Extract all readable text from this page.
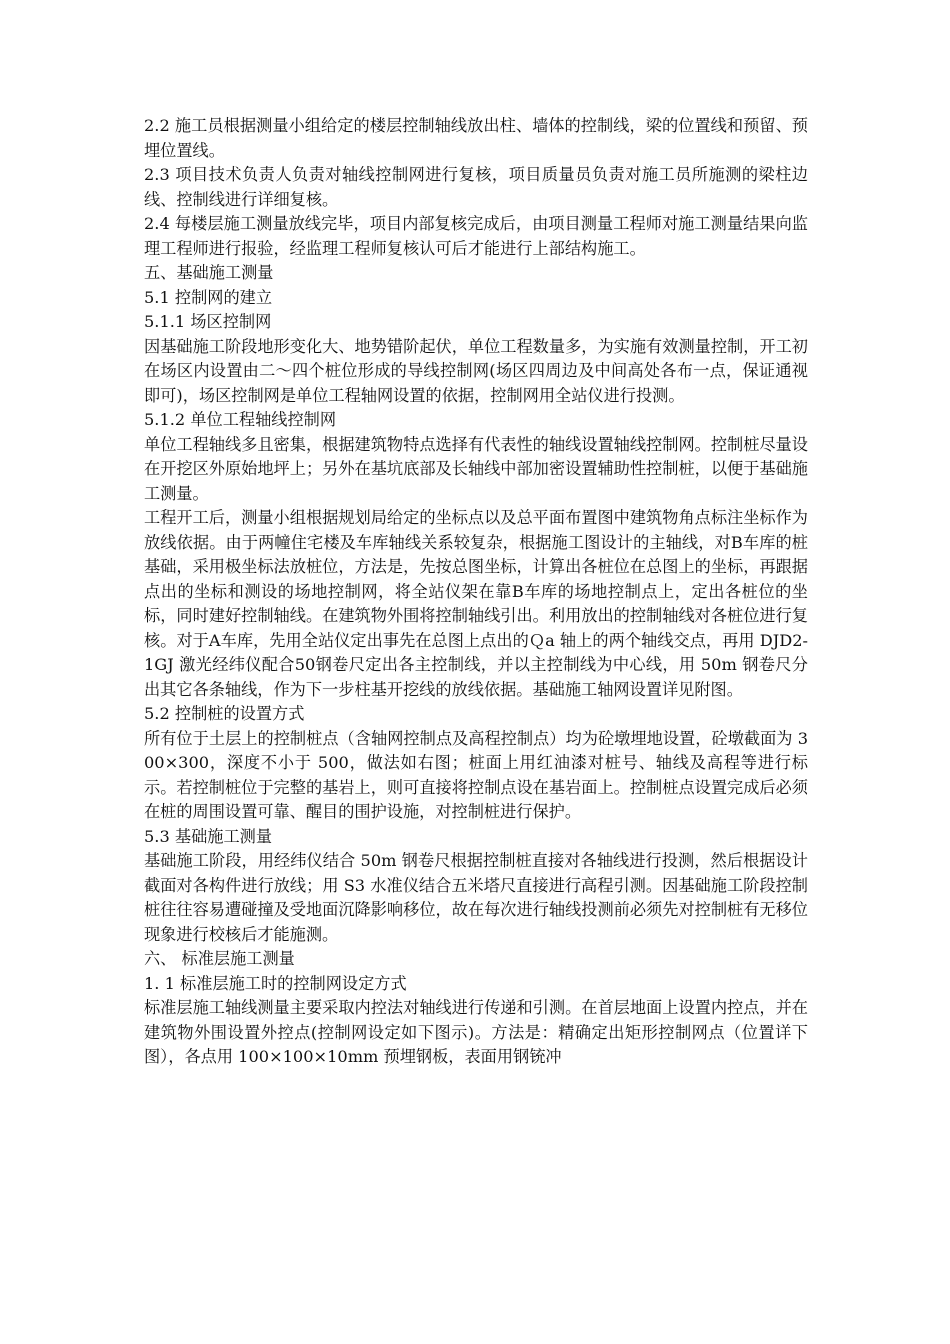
2.2 施工员根据测量小组给定的楼层控制轴线放出柱、墙体的控制线，梁的位置线和预留、预埋位置线。

2.3 项目技术负责人负责对轴线控制网进行复核，项目质量员负责对施工员所施测的梁柱边线、控制线进行详细复核。

2.4 每楼层施工测量放线完毕，项目内部复核完成后，由项目测量工程师对施工测量结果向监理工程师进行报验，经监理工程师复核认可后才能进行上部结构施工。

五、基础施工测量

5.1 控制网的建立

5.1.1 场区控制网

因基础施工阶段地形变化大、地势错阶起伏，单位工程数量多，为实施有效测量控制，开工初在场区内设置由二～四个桩位形成的导线控制网(场区四周边及中间高处各布一点，保证通视即可)，场区控制网是单位工程轴网设置的依据，控制网用全站仪进行投测。

5.1.2 单位工程轴线控制网

单位工程轴线多且密集，根据建筑物特点选择有代表性的轴线设置轴线控制网。控制桩尽量设在开挖区外原始地坪上；另外在基坑底部及长轴线中部加密设置辅助性控制桩，以便于基础施工测量。

工程开工后，测量小组根据规划局给定的坐标点以及总平面布置图中建筑物角点标注坐标作为放线依据。由于两幢住宅楼及车库轴线关系较复杂，根据施工图设计的主轴线，对B车库的桩基础，采用极坐标法放桩位，方法是，先按总图坐标，计算出各桩位在总图上的坐标，再跟据点出的坐标和测设的场地控制网，将全站仪架在靠B车库的场地控制点上，定出各桩位的坐标，同时建好控制轴线。在建筑物外围将控制轴线引出。利用放出的控制轴线对各桩位进行复核。对于A车库，先用全站仪定出事先在总图上点出的Ｑa 轴上的两个轴线交点，再用 DJD2-1GJ 激光经纬仪配合50钢卷尺定出各主控制线，并以主控制线为中心线，用 50m 钢卷尺分出其它各条轴线，作为下一步柱基开挖线的放线依据。基础施工轴网设置详见附图。

5.2 控制桩的设置方式

所有位于土层上的控制桩点（含轴网控制点及高程控制点）均为砼墩埋地设置，砼墩截面为 300×300，深度不小于 500，做法如右图；桩面上用红油漆对桩号、轴线及高程等进行标示。若控制桩位于完整的基岩上，则可直接将控制点设在基岩面上。控制桩点设置完成后必须在桩的周围设置可靠、醒目的围护设施，对控制桩进行保护。

5.3 基础施工测量

基础施工阶段，用经纬仪结合 50m 钢卷尺根据控制桩直接对各轴线进行投测，然后根据设计截面对各构件进行放线；用 S3 水准仪结合五米塔尺直接进行高程引测。因基础施工阶段控制桩往往容易遭碰撞及受地面沉降影响移位，故在每次进行轴线投测前必须先对控制桩有无移位现象进行校核后才能施测。

六、 标准层施工测量

1. 1 标准层施工时的控制网设定方式

标准层施工轴线测量主要采取内控法对轴线进行传递和引测。在首层地面上设置内控点，并在建筑物外围设置外控点(控制网设定如下图示)。方法是：精确定出矩形控制网点（位置详下图），各点用 100×100×10mm 预埋钢板，表面用钢铳冲
